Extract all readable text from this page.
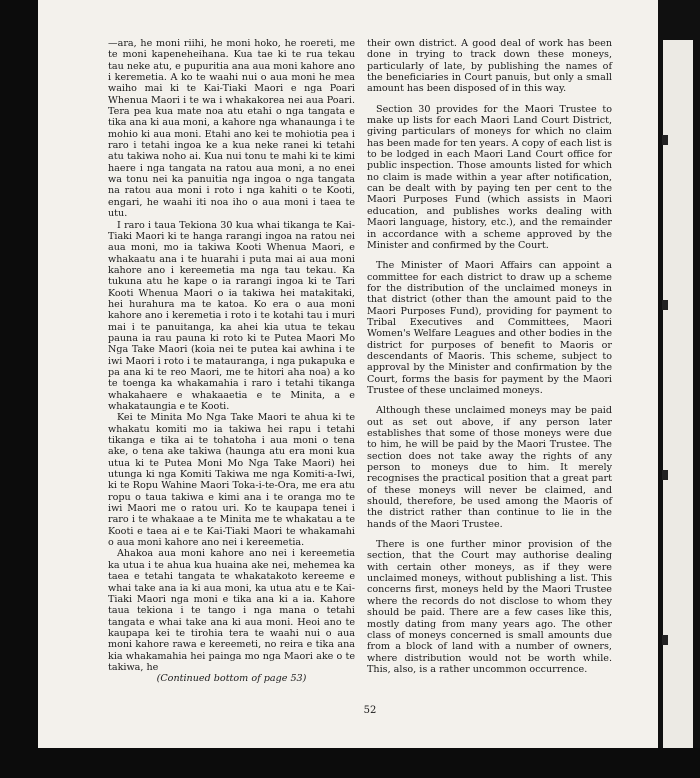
—ara, he moni riihi, he moni hoko, he roereti, me te moni kapeneheihana. Kua tae ki te rua tekau tau neke atu, e pupuritia ana aua moni kahore ano i keremetia. A ko te waahi nui o aua moni he mea waiho mai ki te Kai-Tiaki Maori e nga Poari Whenua Maori i te wa i whakakorea nei aua Poari. Tera pea kua mate noa atu etahi o nga tangata e tika ana ki aua moni, a kahore nga whanaunga i te mohio ki aua moni. Etahi ano kei te mohiotia pea i raro i tetahi ingoa ke a kua neke ranei ki tetahi atu takiwa noho ai. Kua nui tonu te mahi ki te kimi haere i nga tangata na ratou aua moni, a no enei wa tonu nei ka panuitia nga ingoa o nga tangata na ratou aua moni i roto i nga kahiti o te Kooti, engari, he waahi iti noa iho o aua moni i taea te utu.

I raro i taua Tekiona 30 kua whai tikanga te Kai-Tiaki Maori ki te hanga rarangi ingoa na ratou nei aua moni, mo ia takiwa Kooti Whenua Maori, e whakaatu ana i te huarahi i puta mai ai aua moni kahore ano i kereemetia ma nga tau tekau. Ka tukuna atu he kape o ia rarangi ingoa ki te Tari Kooti Whenua Maori o ia takiwa hei matakitaki, hei hurahura ma te katoa. Ko era o aua moni kahore ano i keremetia i roto i te kotahi tau i muri mai i te panuitanga, ka ahei kia utua te tekau pauna ia rau pauna ki roto ki te Putea Maori Mo Nga Take Maori (koia nei te putea kai awhina i te iwi Maori i roto i te matauranga, i nga pukapuka e pa ana ki te reo Maori, me te hitori aha noa) a ko te toenga ka whakamahia i raro i tetahi tikanga whakahaere e whakaaetia e te Minita, a e whakataungia e te Kooti.

Kei te Minita Mo Nga Take Maori te ahua ki te whakatu komiti mo ia takiwa hei rapu i tetahi tikanga e tika ai te tohatoha i aua moni o tena ake, o tena ake takiwa (haunga atu era moni kua utua ki te Putea Moni Mo Nga Take Maori) hei utunga ki nga Komiti Takiwa me nga Komiti-a-Iwi, ki te Ropu Wahine Maori Toka-i-te-Ora, me era atu ropu o taua takiwa e kimi ana i te oranga mo te iwi Maori me o ratou uri. Ko te kaupapa tenei i raro i te whakaae a te Minita me te whakatau a te Kooti e taea ai e te Kai-Tiaki Maori te whakamahi o aua moni kahore ano nei i kereemetia.

Ahakoa aua moni kahore ano nei i kereemetia ka utua i te ahua kua huaina ake nei, mehemea ka taea e tetahi tangata te whakatakoto kereeme e whai take ana ia ki aua moni, ka utua atu e te Kai-Tiaki Maori nga moni e tika ana ki a ia. Kahore taua tekiona i te tango i nga mana o tetahi tangata e whai take ana ki aua moni. Heoi ano te kaupapa kei te tirohia tera te waahi nui o aua moni kahore rawa e kereemeti, no reira e tika ana kia whakamahia hei painga mo nga Maori ake o te takiwa, he

(Continued bottom of page 53)

their own district. A good deal of work has been done in trying to track down these moneys, particularly of late, by publishing the names of the beneficiaries in Court panuis, but only a small amount has been disposed of in this way.

Section 30 provides for the Maori Trustee to make up lists for each Maori Land Court District, giving particulars of moneys for which no claim has been made for ten years. A copy of each list is to be lodged in each Maori Land Court office for public inspection. Those amounts listed for which no claim is made within a year after notification, can be dealt with by paying ten per cent to the Maori Purposes Fund (which assists in Maori education, and publishes works dealing with Maori language, history, etc.), and the remainder in accordance with a scheme approved by the Minister and confirmed by the Court.

The Minister of Maori Affairs can appoint a committee for each district to draw up a scheme for the distribution of the unclaimed moneys in that district (other than the amount paid to the Maori Purposes Fund), providing for payment to Tribal Executives and Committees, Maori Women's Welfare Leagues and other bodies in the district for purposes of benefit to Maoris or descendants of Maoris. This scheme, subject to approval by the Minister and confirmation by the Court, forms the basis for payment by the Maori Trustee of these unclaimed moneys.

Although these unclaimed moneys may be paid out as set out above, if any person later establishes that some of those moneys were due to him, he will be paid by the Maori Trustee. The section does not take away the rights of any person to moneys due to him. It merely recognises the practical position that a great part of these moneys will never be claimed, and should, therefore, be used among the Maoris of the district rather than continue to lie in the hands of the Maori Trustee.

There is one further minor provision of the section, that the Court may authorise dealing with certain other moneys, as if they were unclaimed moneys, without publishing a list. This concerns first, moneys held by the Maori Trustee where the records do not disclose to whom they should be paid. There are a few cases like this, mostly dating from many years ago. The other class of moneys concerned is small amounts due from a block of land with a number of owners, where distribution would not be worth while. This, also, is a rather uncommon occurrence.

52
